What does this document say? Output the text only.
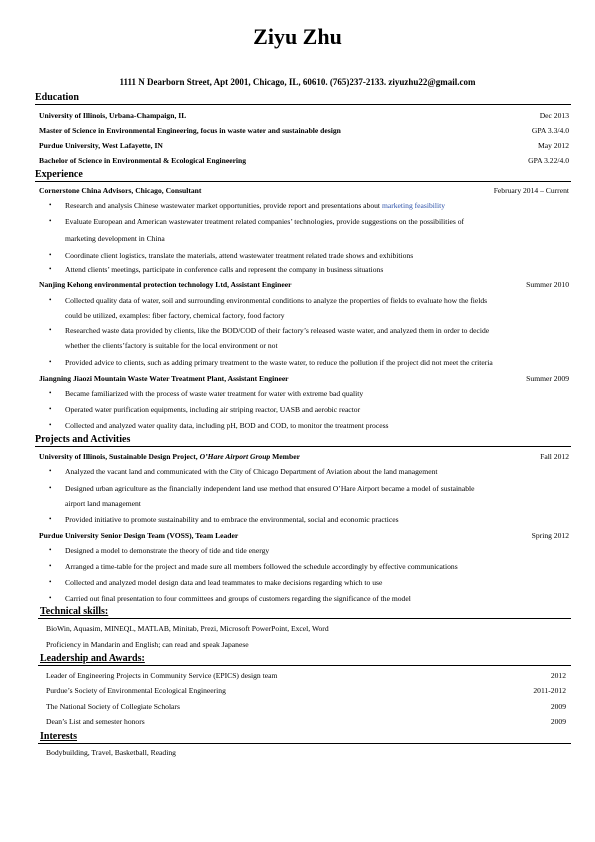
Ziyu Zhu
1111 N Dearborn Street, Apt 2001, Chicago, IL, 60610. (765)237-2133. ziyuzhu22@gmail.com
Education
University of Illinois, Urbana-Champaign, IL	Dec 2013
Master of Science in Environmental Engineering, focus in waste water and sustainable design	GPA 3.3/4.0
Purdue University, West Lafayette, IN	May 2012
Bachelor of Science in Environmental & Ecological Engineering	GPA 3.22/4.0
Experience
Cornerstone China Advisors, Chicago, Consultant	February 2014 – Current
•	Research and analysis Chinese wastewater market opportunities, provide report and presentations about marketing feasibility
•	Evaluate European and American wastewater treatment related companies’ technologies, provide suggestions on the possibilities of
marketing development in China
•	Coordinate client logistics, translate the materials, attend wastewater treatment related trade shows and exhibitions
•	Attend clients’ meetings, participate in conference calls and represent the company in business situations
Nanjing Kehong environmental protection technology Ltd, Assistant Engineer	Summer 2010
•	Collected quality data of water, soil and surrounding environmental conditions to analyze the properties of fields to evaluate how the fields
could be utilized, examples: fiber factory, chemical factory, food factory
•	Researched waste data provided by clients, like the BOD/COD of their factory’s released waste water, and analyzed them in order to decide
whether the clients’factory is suitable for the local environment or not
•	Provided advice to clients, such as adding primary treatment to the waste water, to reduce the pollution if the project did not meet the criteria
Jiangning Jiaozi Mountain Waste Water Treatment Plant, Assistant Engineer	Summer 2009
•	Became familiarized with the process of waste water treatment for water with extreme bad quality
•	Operated water purification equipments, including air striping reactor, UASB and aerobic reactor
•	Collected and analyzed water quality data, including pH, BOD and COD, to monitor the treatment process
Projects and Activities
University of Illinois, Sustainable Design Project, O’Hare Airport Group Member	Fall 2012
•	Analyzed the vacant land and communicated with the City of Chicago Department of Aviation about the land management
•	Designed urban agriculture as the financially independent land use method that ensured O’Hare Airport became a model of sustainable
airport land management
•	Provided initiative to promote sustainability and to embrace the environmental, social and economic practices
Purdue University Senior Design Team (VOSS), Team Leader	Spring 2012
•	Designed a model to demonstrate the theory of tide and tide energy
•	Arranged a time-table for the project and made sure all members followed the schedule accordingly by effective communications
•	Collected and analyzed model design data and lead teammates to make decisions regarding which to use
•	Carried out final presentation to four committees and groups of customers regarding the significance of the model
Technical skills:
BioWin, Aquasim, MINEQL, MATLAB, Minitab, Prezi, Microsoft PowerPoint, Excel, Word
Proficiency in Mandarin and English; can read and speak Japanese
Leadership and Awards:
Leader of Engineering Projects in Community Service (EPICS) design team	2012
Purdue’s Society of Environmental Ecological Engineering	2011-2012
The National Society of Collegiate Scholars	2009
Dean’s List and semester honors	2009
Interests
Bodybuilding, Travel, Basketball, Reading
